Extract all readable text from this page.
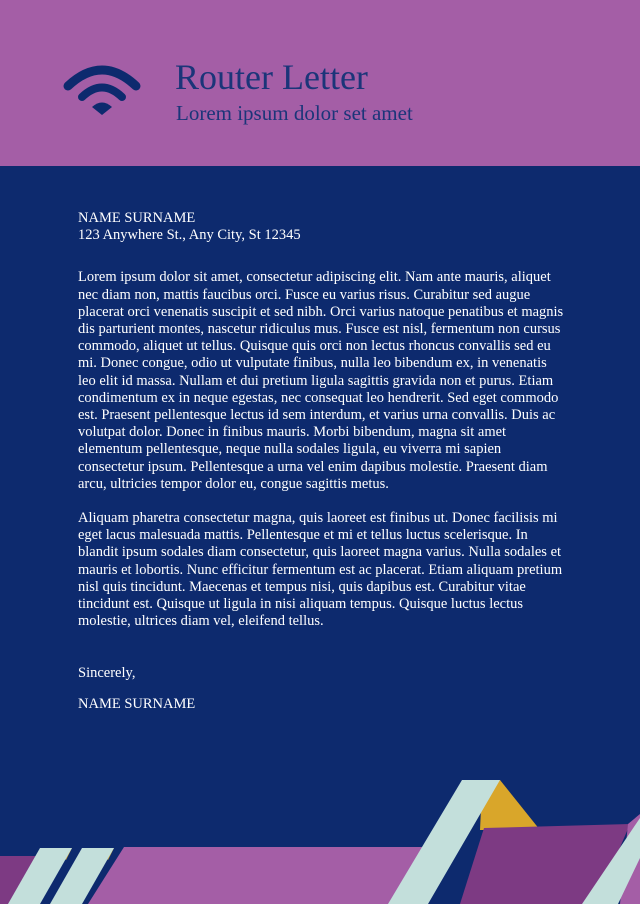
Router Letter

Lorem ipsum dolor set amet

NAME SURNAME

123 Anywhere St., Any City, St 12345

Lorem ipsum dolor sit amet, consectetur adipiscing elit. Nam ante mauris, aliquet nec diam non, mattis faucibus orci. Fusce eu varius risus. Curabitur sed augue placerat orci venenatis suscipit et sed nibh. Orci varius natoque penatibus et magnis dis parturient montes, nascetur ridiculus mus. Fusce est nisl, fermentum non cursus commodo, aliquet ut tellus. Quisque quis orci non lectus rhoncus convallis sed eu mi. Donec congue, odio ut vulputate finibus, nulla leo bibendum ex, in venenatis leo elit id massa. Nullam et dui pretium ligula sagittis gravida non et purus. Etiam condimentum ex in neque egestas, nec consequat leo hendrerit. Sed eget commodo est. Praesent pellentesque lectus id sem interdum, et varius urna convallis. Duis ac volutpat dolor. Donec in finibus mauris. Morbi bibendum, magna sit amet elementum pellentesque, neque nulla sodales ligula, eu viverra mi sapien consectetur ipsum. Pellentesque a urna vel enim dapibus molestie. Praesent diam arcu, ultricies tempor dolor eu, congue sagittis metus.

Aliquam pharetra consectetur magna, quis laoreet est finibus ut. Donec facilisis mi eget lacus malesuada mattis. Pellentesque et mi et tellus luctus scelerisque. In blandit ipsum sodales diam consectetur, quis laoreet magna varius. Nulla sodales et mauris et lobortis. Nunc efficitur fermentum est ac placerat. Etiam aliquam pretium nisl quis tincidunt. Maecenas et tempus nisi, quis dapibus est. Curabitur vitae tincidunt est. Quisque ut ligula in nisi aliquam tempus. Quisque luctus lectus molestie, ultrices diam vel, eleifend tellus.

Sincerely,

NAME SURNAME
